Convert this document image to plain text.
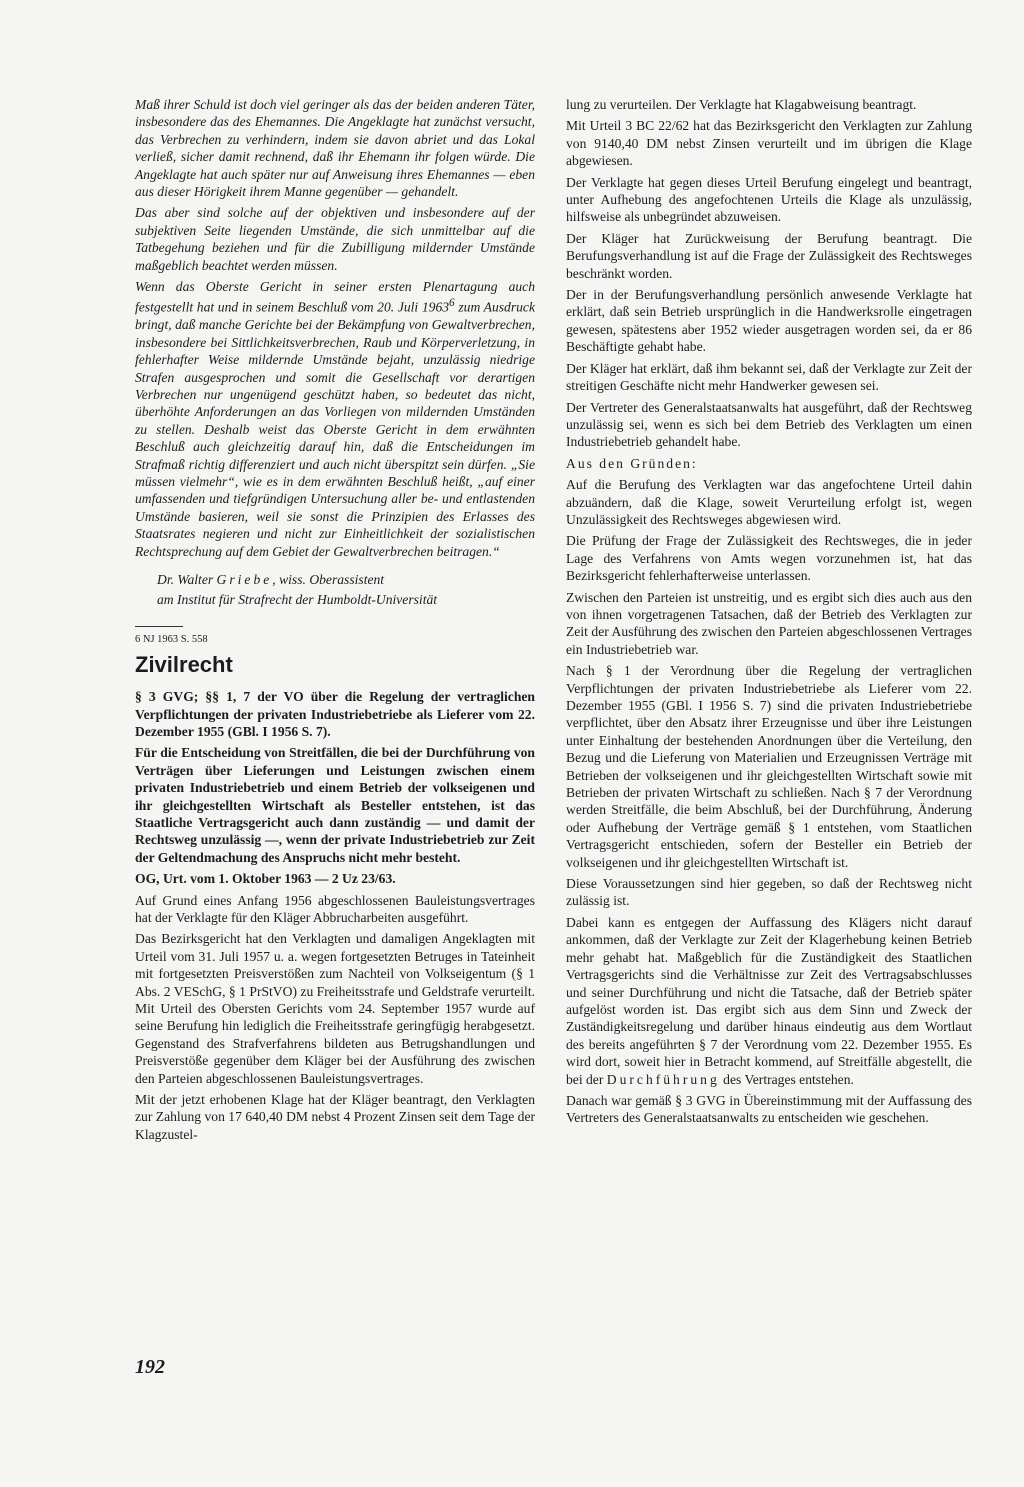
Maß ihrer Schuld ist doch viel geringer als das der beiden anderen Täter, insbesondere das des Ehemannes. Die Angeklagte hat zunächst versucht, das Verbrechen zu verhindern, indem sie davon abriet und das Lokal verließ, sicher damit rechnend, daß ihr Ehemann ihr folgen würde. Die Angeklagte hat auch später nur auf Anweisung ihres Ehemannes — eben aus dieser Hörigkeit ihrem Manne gegenüber — gehandelt.

Das aber sind solche auf der objektiven und insbesondere auf der subjektiven Seite liegenden Umstände, die sich unmittelbar auf die Tatbegehung beziehen und für die Zubilligung mildernder Umstände maßgeblich beachtet werden müssen.

Wenn das Oberste Gericht in seiner ersten Plenartagung auch festgestellt hat und in seinem Beschluß vom 20. Juli 1963$^6$ zum Ausdruck bringt, daß manche Gerichte bei der Bekämpfung von Gewaltverbrechen, insbesondere bei Sittlichkeitsverbrechen, Raub und Körperverletzung, in fehlerhafter Weise mildernde Umstände bejaht, unzulässig niedrige Strafen ausgesprochen und somit die Gesellschaft vor derartigen Verbrechen nur ungenügend geschützt haben, so bedeutet das nicht, überhöhte Anforderungen an das Vorliegen von mildernden Umständen zu stellen. Deshalb weist das Oberste Gericht in dem erwähnten Beschluß auch gleichzeitig darauf hin, daß die Entscheidungen im Strafmaß richtig differenziert und auch nicht überspitzt sein dürfen. „Sie müssen vielmehr“, wie es in dem erwähnten Beschluß heißt, „auf einer umfassenden und tiefgründigen Untersuchung aller be- und entlastenden Umstände basieren, weil sie sonst die Prinzipien des Erlasses des Staatsrates negieren und nicht zur Einheitlichkeit der sozialistischen Rechtsprechung auf dem Gebiet der Gewaltverbrechen beitragen.“

Dr. Walter Griebe, wiss. Oberassistent
am Institut für Strafrecht der Humboldt-Universität

6 NJ 1963 S. 558

Zivilrecht

§ 3 GVG; §§ 1, 7 der VO über die Regelung der vertraglichen Verpflichtungen der privaten Industriebetriebe als Lieferer vom 22. Dezember 1955 (GBl. I 1956 S. 7).

Für die Entscheidung von Streitfällen, die bei der Durchführung von Verträgen über Lieferungen und Leistungen zwischen einem privaten Industriebetrieb und einem Betrieb der volkseigenen und ihr gleichgestellten Wirtschaft als Besteller entstehen, ist das Staatliche Vertragsgericht auch dann zuständig — und damit der Rechtsweg unzulässig —, wenn der private Industriebetrieb zur Zeit der Geltendmachung des Anspruchs nicht mehr besteht.

OG, Urt. vom 1. Oktober 1963 — 2 Uz 23/63.

Auf Grund eines Anfang 1956 abgeschlossenen Bauleistungsvertrages hat der Verklagte für den Kläger Abbrucharbeiten ausgeführt.

Das Bezirksgericht hat den Verklagten und damaligen Angeklagten mit Urteil vom 31. Juli 1957 u. a. wegen fortgesetzten Betruges in Tateinheit mit fortgesetzten Preisverstößen zum Nachteil von Volkseigentum (§ 1 Abs. 2 VESchG, § 1 PrStVO) zu Freiheitsstrafe und Geldstrafe verurteilt. Mit Urteil des Obersten Gerichts vom 24. September 1957 wurde auf seine Berufung hin lediglich die Freiheitsstrafe geringfügig herabgesetzt. Gegenstand des Strafverfahrens bildeten aus Betrugshandlungen und Preisverstöße gegenüber dem Kläger bei der Ausführung des zwischen den Parteien abgeschlossenen Bauleistungsvertrages.

Mit der jetzt erhobenen Klage hat der Kläger beantragt, den Verklagten zur Zahlung von 17 640,40 DM nebst 4 Prozent Zinsen seit dem Tage der Klagzustel-

lung zu verurteilen. Der Verklagte hat Klagabweisung beantragt.

Mit Urteil 3 BC 22/62 hat das Bezirksgericht den Verklagten zur Zahlung von 9140,40 DM nebst Zinsen verurteilt und im übrigen die Klage abgewiesen.

Der Verklagte hat gegen dieses Urteil Berufung eingelegt und beantragt, unter Aufhebung des angefochtenen Urteils die Klage als unzulässig, hilfsweise als unbegründet abzuweisen.

Der Kläger hat Zurückweisung der Berufung beantragt. Die Berufungsverhandlung ist auf die Frage der Zulässigkeit des Rechtsweges beschränkt worden.

Der in der Berufungsverhandlung persönlich anwesende Verklagte hat erklärt, daß sein Betrieb ursprünglich in die Handwerksrolle eingetragen gewesen, spätestens aber 1952 wieder ausgetragen worden sei, da er 86 Beschäftigte gehabt habe.

Der Kläger hat erklärt, daß ihm bekannt sei, daß der Verklagte zur Zeit der streitigen Geschäfte nicht mehr Handwerker gewesen sei.

Der Vertreter des Generalstaatsanwalts hat ausgeführt, daß der Rechtsweg unzulässig sei, wenn es sich bei dem Betrieb des Verklagten um einen Industriebetrieb gehandelt habe.

Aus den Gründen:

Auf die Berufung des Verklagten war das angefochtene Urteil dahin abzuändern, daß die Klage, soweit Verurteilung erfolgt ist, wegen Unzulässigkeit des Rechtsweges abgewiesen wird.

Die Prüfung der Frage der Zulässigkeit des Rechtsweges, die in jeder Lage des Verfahrens von Amts wegen vorzunehmen ist, hat das Bezirksgericht fehlerhafterweise unterlassen.

Zwischen den Parteien ist unstreitig, und es ergibt sich dies auch aus den von ihnen vorgetragenen Tatsachen, daß der Betrieb des Verklagten zur Zeit der Ausführung des zwischen den Parteien abgeschlossenen Vertrages ein Industriebetrieb war.

Nach § 1 der Verordnung über die Regelung der vertraglichen Verpflichtungen der privaten Industriebetriebe als Lieferer vom 22. Dezember 1955 (GBl. I 1956 S. 7) sind die privaten Industriebetriebe verpflichtet, über den Absatz ihrer Erzeugnisse und über ihre Leistungen unter Einhaltung der bestehenden Anordnungen über die Verteilung, den Bezug und die Lieferung von Materialien und Erzeugnissen Verträge mit Betrieben der volkseigenen und ihr gleichgestellten Wirtschaft sowie mit Betrieben der privaten Wirtschaft zu schließen. Nach § 7 der Verordnung werden Streitfälle, die beim Abschluß, bei der Durchführung, Änderung oder Aufhebung der Verträge gemäß § 1 entstehen, vom Staatlichen Vertragsgericht entschieden, sofern der Besteller ein Betrieb der volkseigenen und ihr gleichgestellten Wirtschaft ist.

Diese Voraussetzungen sind hier gegeben, so daß der Rechtsweg nicht zulässig ist.

Dabei kann es entgegen der Auffassung des Klägers nicht darauf ankommen, daß der Verklagte zur Zeit der Klagerhebung keinen Betrieb mehr gehabt hat. Maßgeblich für die Zuständigkeit des Staatlichen Vertragsgerichts sind die Verhältnisse zur Zeit des Vertragsabschlusses und seiner Durchführung und nicht die Tatsache, daß der Betrieb später aufgelöst worden ist. Das ergibt sich aus dem Sinn und Zweck der Zuständigkeitsregelung und darüber hinaus eindeutig aus dem Wortlaut des bereits angeführten § 7 der Verordnung vom 22. Dezember 1955. Es wird dort, soweit hier in Betracht kommend, auf Streitfälle abgestellt, die bei der Durchführung des Vertrages entstehen.

Danach war gemäß § 3 GVG in Übereinstimmung mit der Auffassung des Vertreters des Generalstaatsanwalts zu entscheiden wie geschehen.

192
